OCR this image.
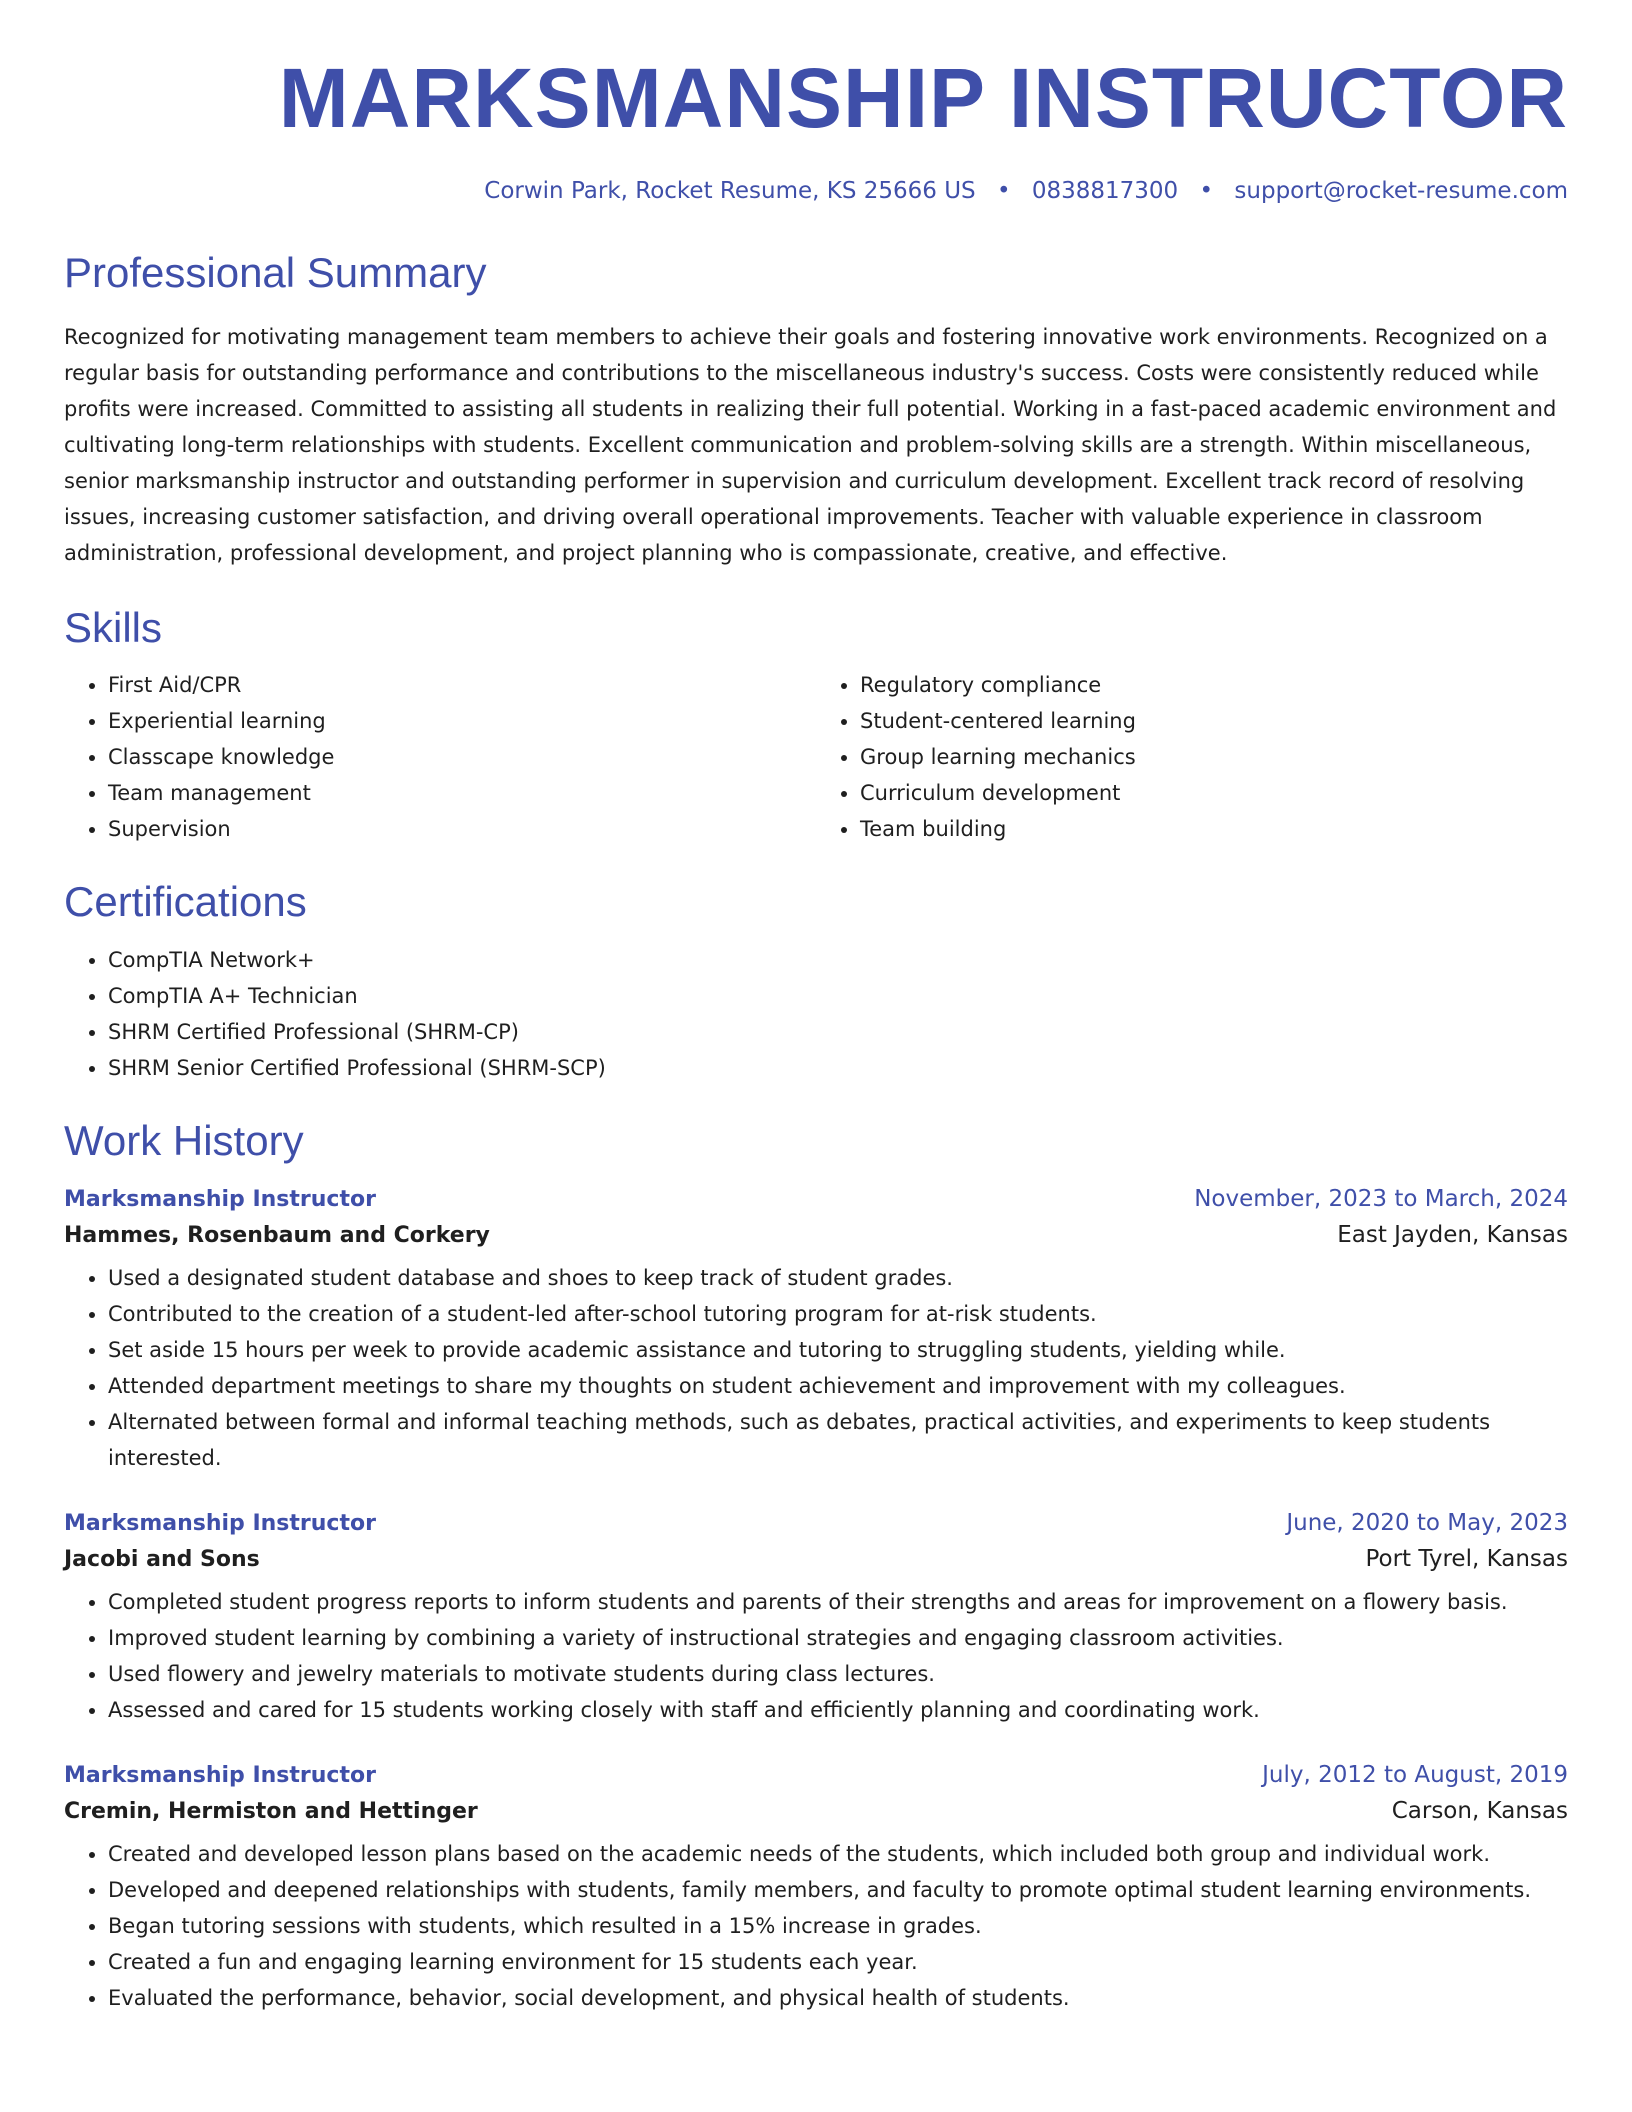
MARKSMANSHIP INSTRUCTOR
Corwin Park, Rocket Resume, KS 25666 US • 0838817300 • support@rocket-resume.com
Professional Summary

Recognized for motivating management team members to achieve their goals and fostering innovative work environments. Recognized on a regular basis for outstanding performance and contributions to the miscellaneous industry's success. Costs were consistently reduced while profits were increased. Committed to assisting all students in realizing their full potential. Working in a fast-paced academic environment and cultivating long-term relationships with students. Excellent communication and problem-solving skills are a strength. Within miscellaneous, senior marksmanship instructor and outstanding performer in supervision and curriculum development. Excellent track record of resolving issues, increasing customer satisfaction, and driving overall operational improvements. Teacher with valuable experience in classroom administration, professional development, and project planning who is compassionate, creative, and effective.

Skills
• First Aid/CPR
• Experiential learning
• Classcape knowledge
• Team management
• Supervision
• Regulatory compliance
• Student-centered learning
• Group learning mechanics
• Curriculum development
• Team building
Certifications
• CompTIA Network+
• CompTIA A+ Technician
• SHRM Certified Professional (SHRM-CP)
• SHRM Senior Certified Professional (SHRM-SCP)
Work History
Marksmanship Instructor	November, 2023 to March, 2024
Hammes, Rosenbaum and Corkery	East Jayden, Kansas
• Used a designated student database and shoes to keep track of student grades.
• Contributed to the creation of a student-led after-school tutoring program for at-risk students.
• Set aside 15 hours per week to provide academic assistance and tutoring to struggling students, yielding while.
• Attended department meetings to share my thoughts on student achievement and improvement with my colleagues.
• Alternated between formal and informal teaching methods, such as debates, practical activities, and experiments to keep students interested.
Marksmanship Instructor	June, 2020 to May, 2023
Jacobi and Sons	Port Tyrel, Kansas
• Completed student progress reports to inform students and parents of their strengths and areas for improvement on a flowery basis.
• Improved student learning by combining a variety of instructional strategies and engaging classroom activities.
• Used flowery and jewelry materials to motivate students during class lectures.
• Assessed and cared for 15 students working closely with staff and efficiently planning and coordinating work.
Marksmanship Instructor	July, 2012 to August, 2019
Cremin, Hermiston and Hettinger	Carson, Kansas
• Created and developed lesson plans based on the academic needs of the students, which included both group and individual work.
• Developed and deepened relationships with students, family members, and faculty to promote optimal student learning environments.
• Began tutoring sessions with students, which resulted in a 15% increase in grades.
• Created a fun and engaging learning environment for 15 students each year.
• Evaluated the performance, behavior, social development, and physical health of students.
